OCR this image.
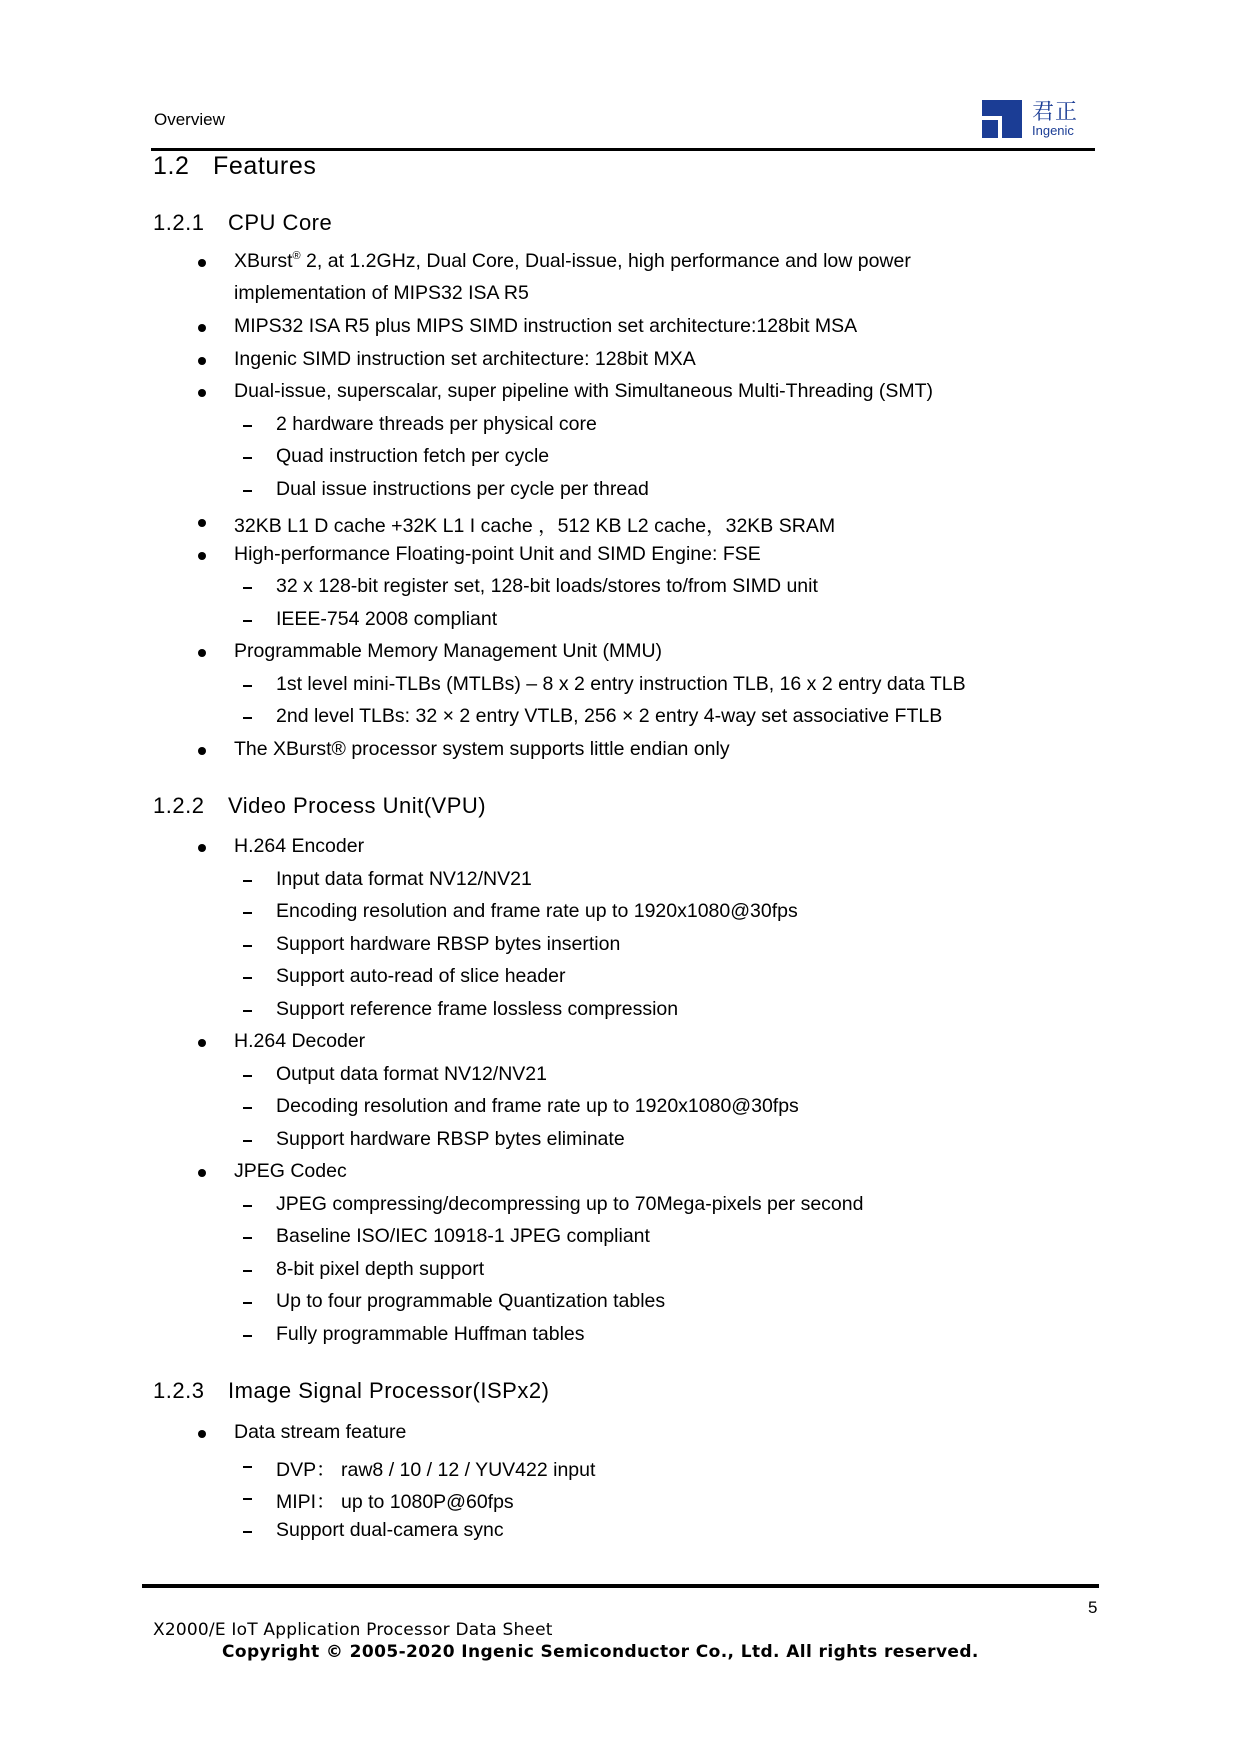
Overview	君正
Ingenic
1.2 Features
1.2.1 CPU Core
XBurst® 2, at 1.2GHz, Dual Core, Dual-issue, high performance and low power
implementation of MIPS32 ISA R5
MIPS32 ISA R5 plus MIPS SIMD instruction set architecture:128bit MSA
Ingenic SIMD instruction set architecture: 128bit MXA
Dual-issue, superscalar, super pipeline with Simultaneous Multi-Threading (SMT)
2 hardware threads per physical core
Quad instruction fetch per cycle
Dual issue instructions per cycle per thread
32KB L1 D cache +32K L1 I cache ，512 KB L2 cache，32KB SRAM
High-performance Floating-point Unit and SIMD Engine: FSE
32 x 128-bit register set, 128-bit loads/stores to/from SIMD unit
IEEE-754 2008 compliant
Programmable Memory Management Unit (MMU)
1st level mini-TLBs (MTLBs) – 8 x 2 entry instruction TLB, 16 x 2 entry data TLB
2nd level TLBs: 32 × 2 entry VTLB, 256 × 2 entry 4-way set associative FTLB
The XBurst® processor system supports little endian only
1.2.2 Video Process Unit(VPU)
H.264 Encoder
Input data format NV12/NV21
Encoding resolution and frame rate up to 1920x1080@30fps
Support hardware RBSP bytes insertion
Support auto-read of slice header
Support reference frame lossless compression
H.264 Decoder
Output data format NV12/NV21
Decoding resolution and frame rate up to 1920x1080@30fps
Support hardware RBSP bytes eliminate
JPEG Codec
JPEG compressing/decompressing up to 70Mega-pixels per second
Baseline ISO/IEC 10918-1 JPEG compliant
8-bit pixel depth support
Up to four programmable Quantization tables
Fully programmable Huffman tables
1.2.3 Image Signal Processor(ISPx2)
Data stream feature
DVP： raw8 / 10 / 12 / YUV422 input
MIPI： up to 1080P@60fps
Support dual-camera sync
5
X2000/E IoT Application Processor Data Sheet
Copyright © 2005-2020 Ingenic Semiconductor Co., Ltd. All rights reserved.
